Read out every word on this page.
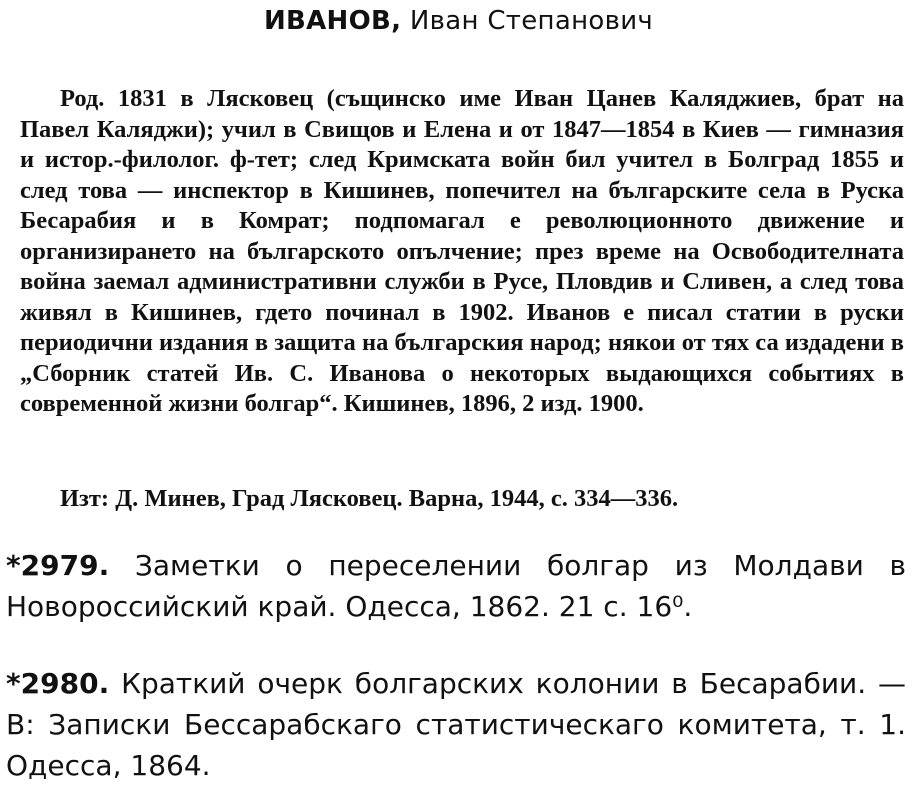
ИВАНОВ, Иван Степанович

Род. 1831 в Лясковец (същинско име Иван Цанев Каляджиев, брат на Павел Каляджи); учил в Свищов и Елена и от 1847—1854 в Киев — гимназия и истор.-филолог. ф-тет; след Кримската войн бил учител в Болград 1855 и след това — инспектор в Кишинев, попечител на българските села в Руска Бесарабия и в Комрат; подпомагал е революционното движение и организирането на българското опълчение; през време на Освободителната война заемал административни служби в Русе, Пловдив и Сливен, а след това живял в Кишинев, гдето починал в 1902. Иванов е писал статии в руски периодични издания в защита на българския народ; някои от тях са издадени в „Сборник статей Ив. С. Иванова о некоторых выдающихся событиях в современной жизни болгар“. Кишинев, 1896, 2 изд. 1900.

Изт: Д. Минев, Град Лясковец. Варна, 1944, с. 334—336.

*2979. Заметки о переселении болгар из Молдави в Новороссийский край. Одесса, 1862. 21 с. 16⁰.

*2980. Краткий очерк болгарских колонии в Бесарабии. — В: Записки Бессарабскаго статистическаго комитета, т. 1. Одесса, 1864.
